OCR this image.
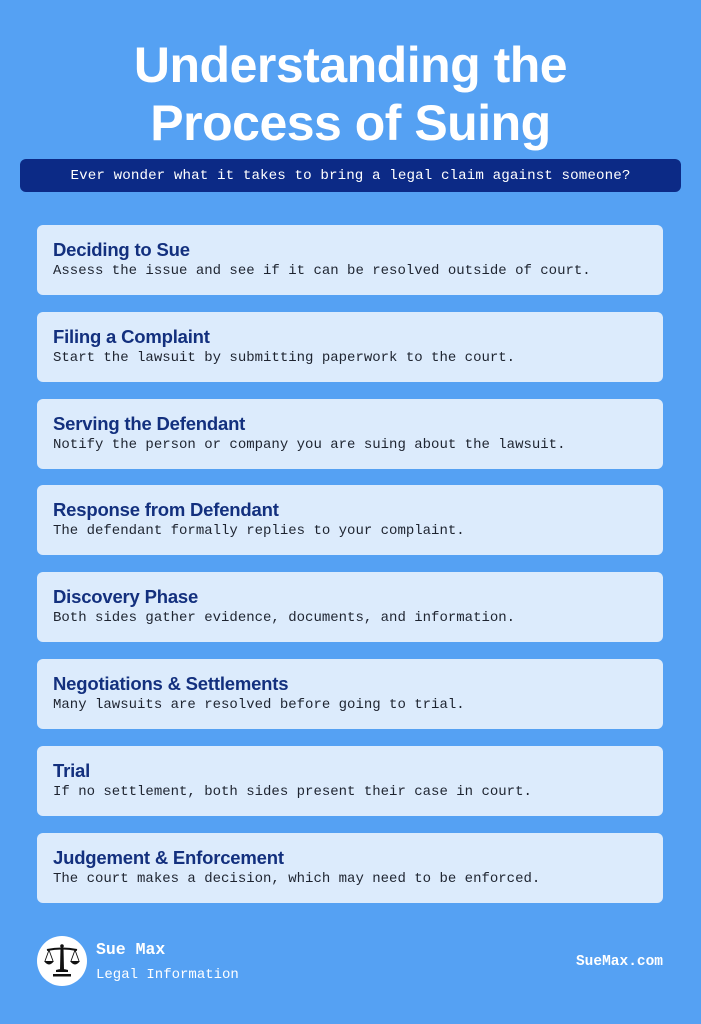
Understanding the
Process of Suing
Ever wonder what it takes to bring a legal claim against someone?
Deciding to Sue
Assess the issue and see if it can be resolved outside of court.
Filing a Complaint
Start the lawsuit by submitting paperwork to the court.
Serving the Defendant
Notify the person or company you are suing about the lawsuit.
Response from Defendant
The defendant formally replies to your complaint.
Discovery Phase
Both sides gather evidence, documents, and information.
Negotiations & Settlements
Many lawsuits are resolved before going to trial.
Trial
If no settlement, both sides present their case in court.
Judgement & Enforcement
The court makes a decision, which may need to be enforced.
Sue Max
Legal Information
SueMax.com
